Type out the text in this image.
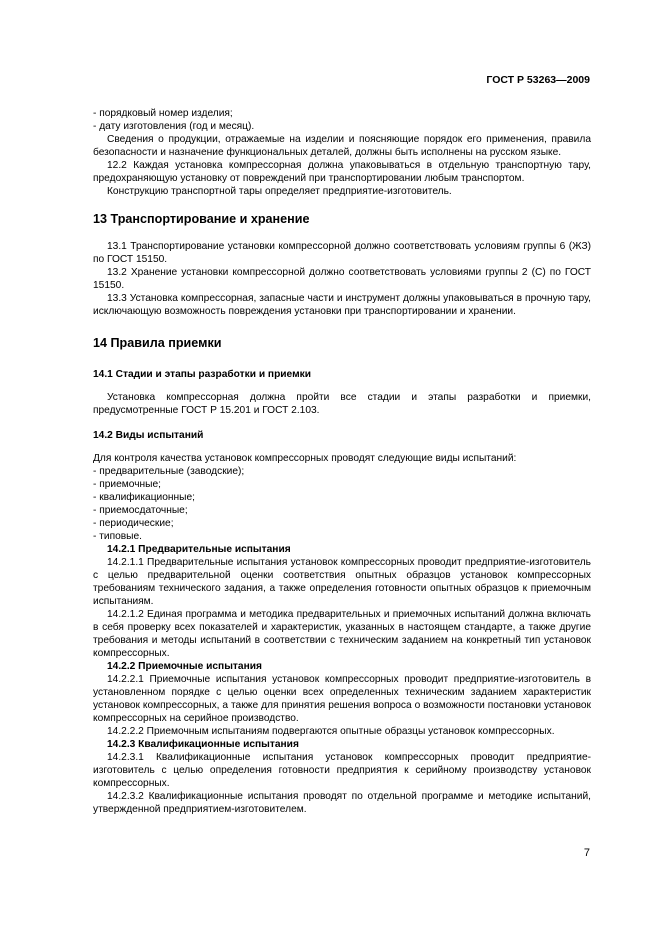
ГОСТ Р 53263—2009
- порядковый номер изделия;
- дату изготовления (год и месяц).

Сведения о продукции, отражаемые на изделии и поясняющие порядок его применения, правила безопасности и назначение функциональных деталей, должны быть исполнены на русском языке.

12.2 Каждая установка компрессорная должна упаковываться в отдельную транспортную тару, предохраняющую установку от повреждений при транспортировании любым транспортом.

Конструкцию транспортной тары определяет предприятие-изготовитель.

13 Транспортирование и хранение

13.1 Транспортирование установки компрессорной должно соответствовать условиям группы 6 (ЖЗ) по ГОСТ 15150.

13.2 Хранение установки компрессорной должно соответствовать условиями группы 2 (С) по ГОСТ 15150.

13.3 Установка компрессорная, запасные части и инструмент должны упаковываться в прочную тару, исключающую возможность повреждения установки при транспортировании и хранении.

14 Правила приемки
14.1 Стадии и этапы разработки и приемки

Установка компрессорная должна пройти все стадии и этапы разработки и приемки, предусмотренные ГОСТ Р 15.201 и ГОСТ 2.103.

14.2 Виды испытаний

Для контроля качества установок компрессорных проводят следующие виды испытаний:

- предварительные (заводские);
- приемочные;
- квалификационные;
- приемосдаточные;
- периодические;
- типовые.
14.2.1 Предварительные испытания

14.2.1.1 Предварительные испытания установок компрессорных проводит предприятие-изготовитель с целью предварительной оценки соответствия опытных образцов установок компрессорных требованиям технического задания, а также определения готовности опытных образцов к приемочным испытаниям.

14.2.1.2 Единая программа и методика предварительных и приемочных испытаний должна включать в себя проверку всех показателей и характеристик, указанных в настоящем стандарте, а также другие требования и методы испытаний в соответствии с техническим заданием на конкретный тип установок компрессорных.

14.2.2 Приемочные испытания

14.2.2.1 Приемочные испытания установок компрессорных проводит предприятие-изготовитель в установленном порядке с целью оценки всех определенных техническим заданием характеристик установок компрессорных, а также для принятия решения вопроса о возможности постановки установок компрессорных на серийное производство.

14.2.2.2 Приемочным испытаниям подвергаются опытные образцы установок компрессорных.

14.2.3 Квалификационные испытания

14.2.3.1 Квалификационные испытания установок компрессорных проводит предприятие-изготовитель с целью определения готовности предприятия к серийному производству установок компрессорных.

14.2.3.2 Квалификационные испытания проводят по отдельной программе и методике испытаний, утвержденной предприятием-изготовителем.

7
